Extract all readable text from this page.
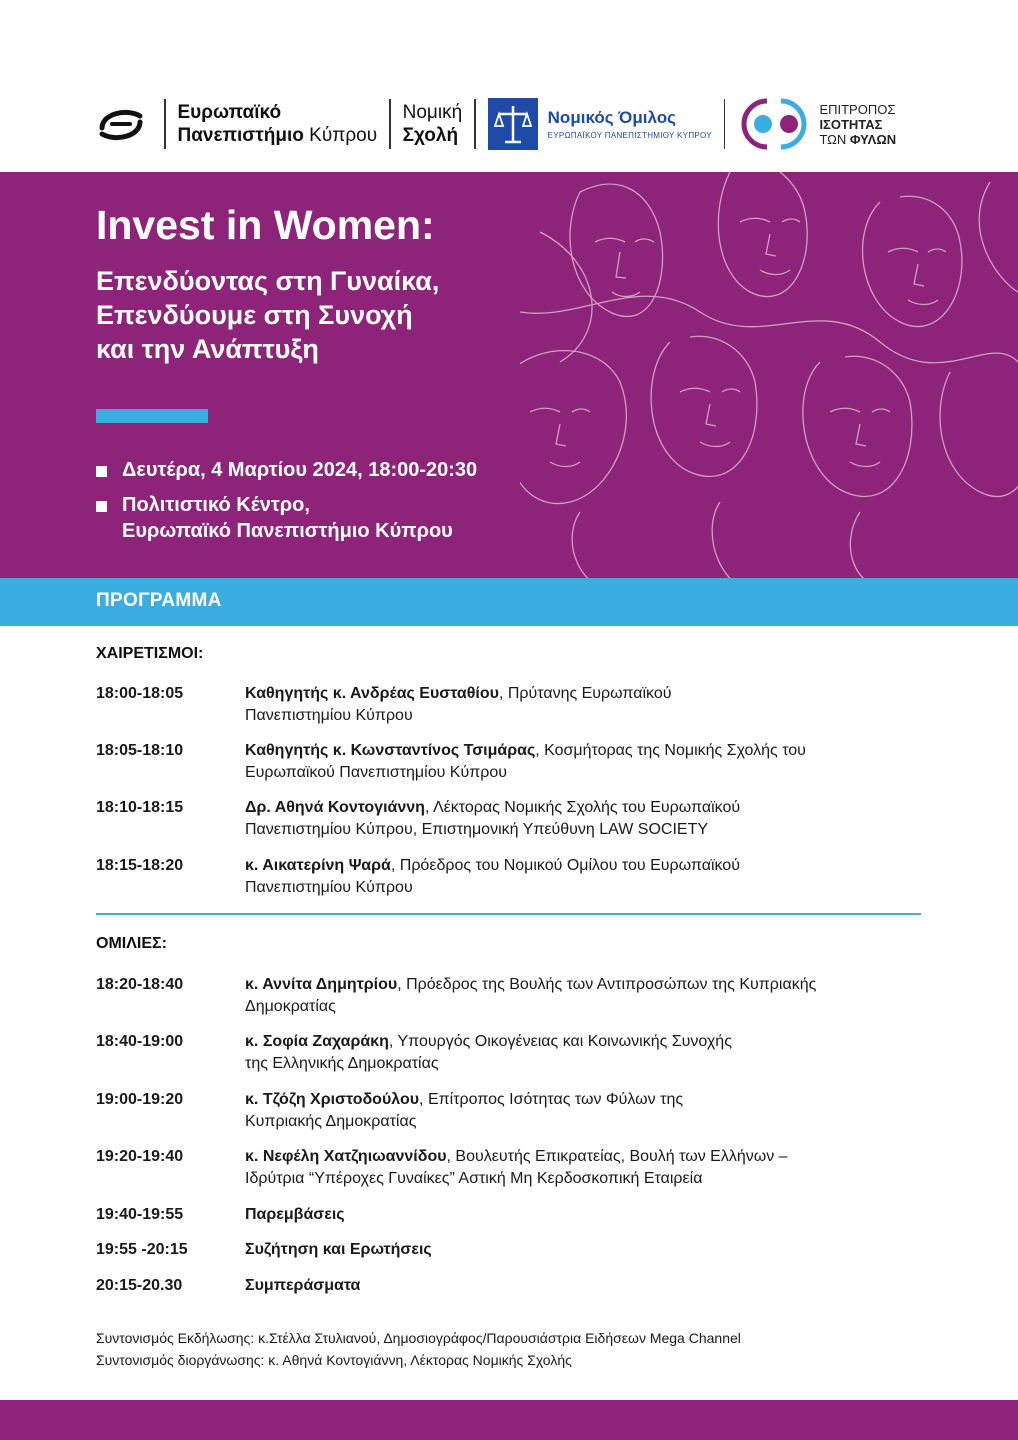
Ευρωπαϊκό
Πανεπιστήμιο Κύπρου
Νομική
Σχολή
Νομικός Όμιλος
ΕΥΡΩΠΑΪΚΟΥ ΠΑΝΕΠΙΣΤΗΜΙΟΥ ΚΥΠΡΟΥ
ΕΠΙΤΡΟΠΟΣ
ΙΣΟΤΗΤΑΣ
ΤΩΝ ΦΥΛΩΝ
Invest in Women:
Επενδύοντας στη Γυναίκα,
Επενδύουμε στη Συνοχή
και την Ανάπτυξη
Δευτέρα, 4 Μαρτίου 2024, 18:00-20:30
Πολιτιστικό Κέντρο,
Ευρωπαϊκό Πανεπιστήμιο Κύπρου
ΠΡΟΓΡΑΜΜΑ
ΧΑΙΡΕΤΙΣΜΟΙ:
18:00-18:05	Καθηγητής κ. Ανδρέας Ευσταθίου, Πρύτανης Ευρωπαϊκού
Πανεπιστημίου Κύπρου
18:05-18:10	Καθηγητής κ. Κωνσταντίνος Τσιμάρας, Κοσμήτορας της Νομικής Σχολής του
Ευρωπαϊκού Πανεπιστημίου Κύπρου
18:10-18:15	Δρ. Αθηνά Κοντογιάννη, Λέκτορας Νομικής Σχολής του Ευρωπαϊκού
Πανεπιστημίου Κύπρου, Επιστημονική Υπεύθυνη LAW SOCIETY
18:15-18:20	κ. Αικατερίνη Ψαρά, Πρόεδρος του Νομικού Ομίλου του Ευρωπαϊκού
Πανεπιστημίου Κύπρου
ΟΜΙΛΙΕΣ:
18:20-18:40	κ. Αννίτα Δημητρίου, Πρόεδρος της Βουλής των Αντιπροσώπων της Κυπριακής
Δημοκρατίας
18:40-19:00	κ. Σοφία Ζαχαράκη, Υπουργός Οικογένειας και Κοινωνικής Συνοχής
της Ελληνικής Δημοκρατίας
19:00-19:20	κ. Τζόζη Χριστοδούλου, Επίτροπος Ισότητας των Φύλων της
Κυπριακής Δημοκρατίας
19:20-19:40	κ. Νεφέλη Χατζηιωαννίδου, Βουλευτής Επικρατείας, Βουλή των Ελλήνων –
Ιδρύτρια “Υπέροχες Γυναίκες” Αστική Μη Κερδοσκοπική Εταιρεία
19:40-19:55	Παρεμβάσεις
19:55 -20:15	Συζήτηση και Ερωτήσεις
20:15-20.30	Συμπεράσματα
Συντονισμός Εκδήλωσης: κ.Στέλλα Στυλιανού, Δημοσιογράφος/Παρουσιάστρια Ειδήσεων Mega Channel
Συντονισμός διοργάνωσης: κ. Αθηνά Κοντογιάννη, Λέκτορας Νομικής Σχολής
